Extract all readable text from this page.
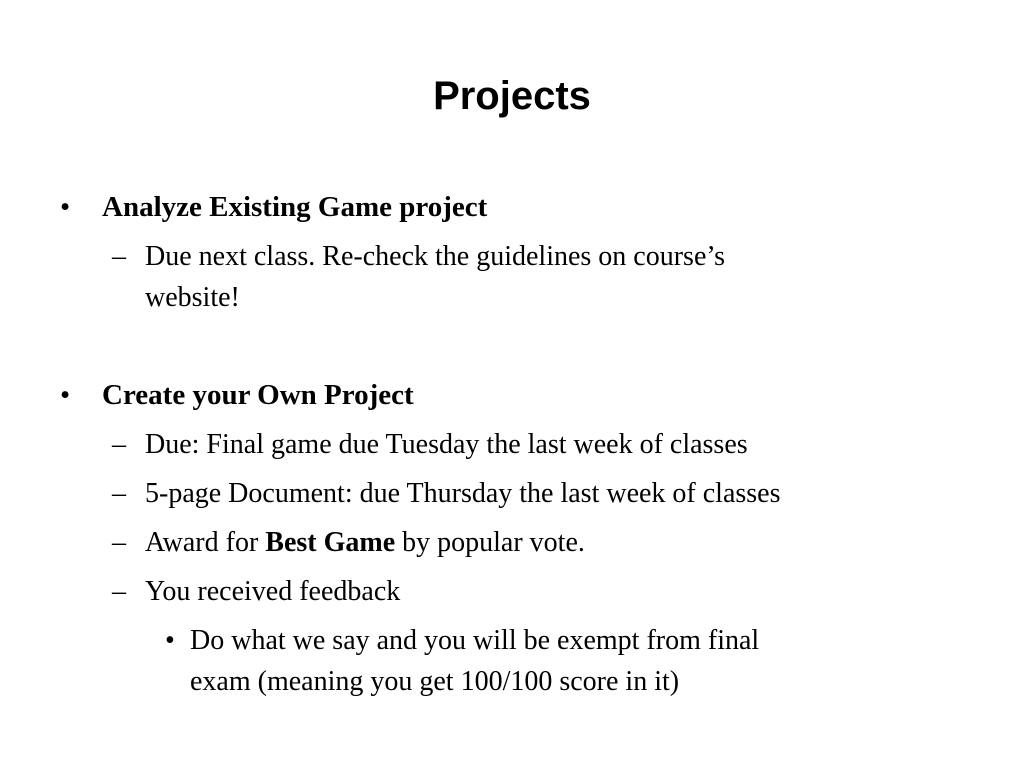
Projects
•	Analyze Existing Game project
– Due next class. Re-check the guidelines on course’s
website!
•	Create your Own Project
– Due: Final game due Tuesday the last week of classes
– 5-page Document: due Thursday the last week of classes
– Award for Best Game by popular vote.
– You received feedback
• Do what we say and you will be exempt from final
exam (meaning you get 100/100 score in it)
